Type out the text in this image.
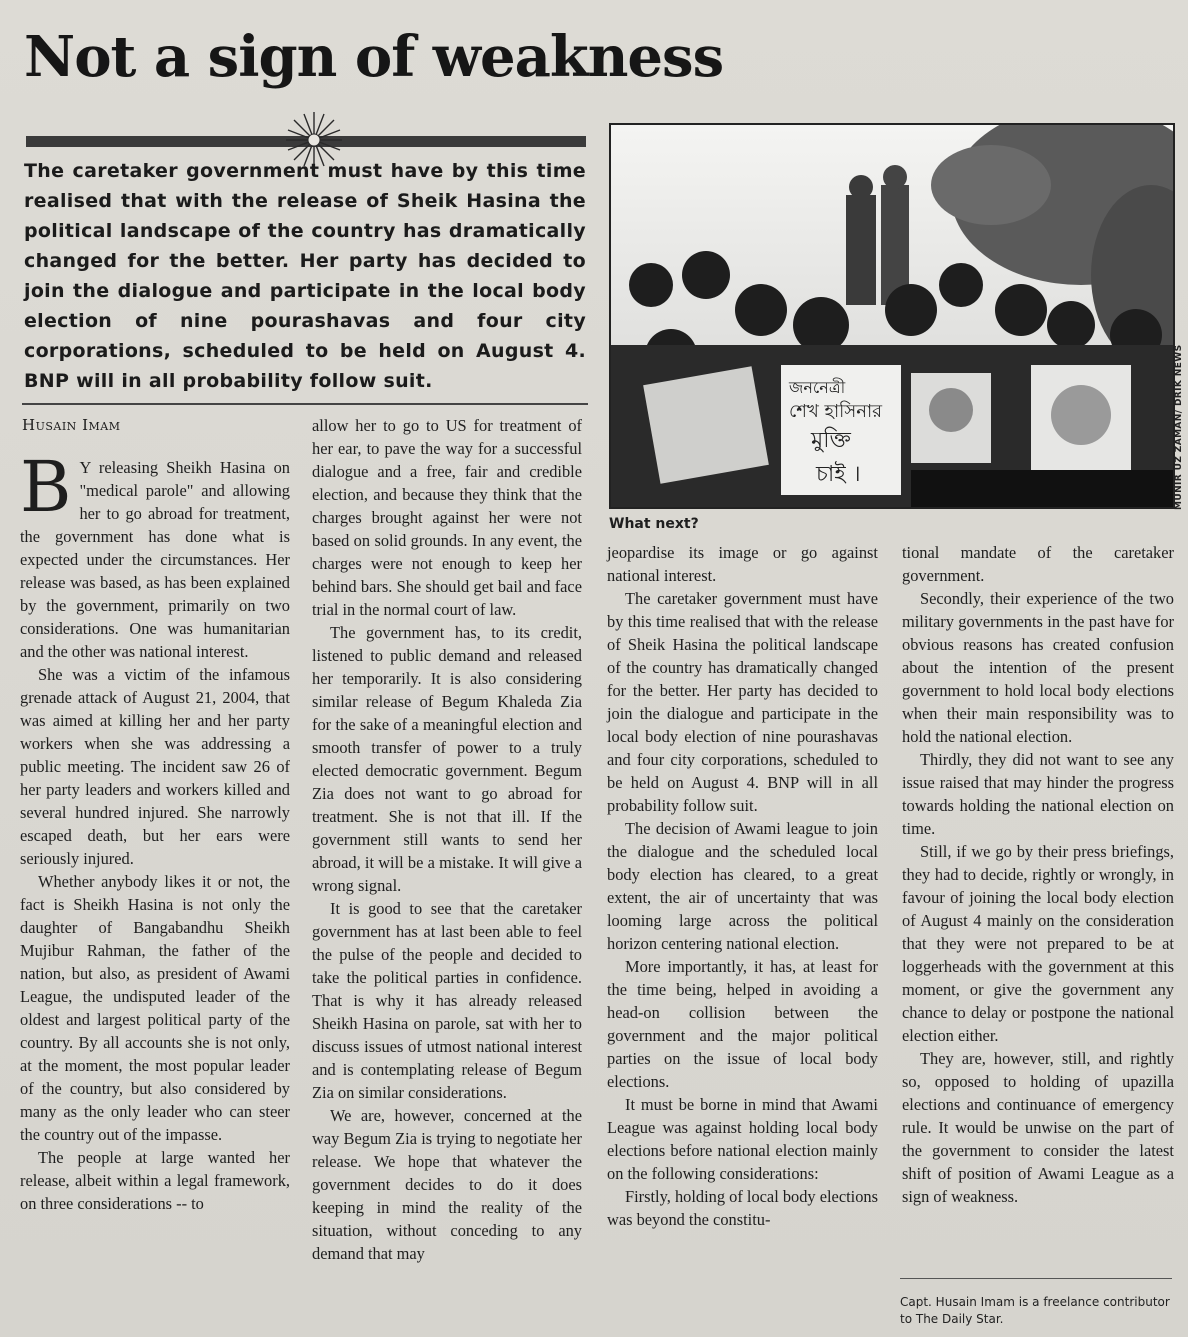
Not a sign of weakness

The caretaker government must have by this time realised that with the release of Sheik Hasina the political landscape of the country has dramatically changed for the better. Her party has decided to join the dialogue and participate in the local body election of nine pourashavas and four city corporations, scheduled to be held on August 4. BNP will in all probability follow suit.

Husain Imam

B Y releasing Sheikh Hasina on "medical parole" and allowing her to go abroad for treatment, the government has done what is expected under the circumstances. Her release was based, as has been explained by the government, primarily on two considerations. One was humanitarian and the other was national interest.

She was a victim of the infamous grenade attack of August 21, 2004, that was aimed at killing her and her party workers when she was addressing a public meeting. The incident saw 26 of her party leaders and workers killed and several hundred injured. She narrowly escaped death, but her ears were seriously injured.

Whether anybody likes it or not, the fact is Sheikh Hasina is not only the daughter of Bangabandhu Sheikh Mujibur Rahman, the father of the nation, but also, as president of Awami League, the undisputed leader of the oldest and largest political party of the country. By all accounts she is not only, at the moment, the most popular leader of the country, but also considered by many as the only leader who can steer the country out of the impasse.

The people at large wanted her release, albeit within a legal framework, on three considerations -- to

allow her to go to US for treatment of her ear, to pave the way for a successful dialogue and a free, fair and credible election, and because they think that the charges brought against her were not based on solid grounds. In any event, the charges were not enough to keep her behind bars. She should get bail and face trial in the normal court of law.

The government has, to its credit, listened to public demand and released her temporarily. It is also considering similar release of Begum Khaleda Zia for the sake of a meaningful election and smooth transfer of power to a truly elected democratic government. Begum Zia does not want to go abroad for treatment. She is not that ill. If the government still wants to send her abroad, it will be a mistake. It will give a wrong signal.

It is good to see that the caretaker government has at last been able to feel the pulse of the people and decided to take the political parties in confidence. That is why it has already released Sheikh Hasina on parole, sat with her to discuss issues of utmost national interest and is contemplating release of Begum Zia on similar considerations.

We are, however, concerned at the way Begum Zia is trying to negotiate her release. We hope that whatever the government decides to do it does keeping in mind the reality of the situation, without conceding to any demand that may

জননেত্রী
শেখ হাসিনার
মুক্তি
চাই ।	MUNIR UZ ZAMAN/ DRIK NEWS
What next?

jeopardise its image or go against national interest.

The caretaker government must have by this time realised that with the release of Sheik Hasina the political landscape of the country has dramatically changed for the better. Her party has decided to join the dialogue and participate in the local body election of nine pourashavas and four city corporations, scheduled to be held on August 4. BNP will in all probability follow suit.

The decision of Awami league to join the dialogue and the scheduled local body election has cleared, to a great extent, the air of uncertainty that was looming large across the political horizon centering national election.

More importantly, it has, at least for the time being, helped in avoiding a head-on collision between the government and the major political parties on the issue of local body elections.

It must be borne in mind that Awami League was against holding local body elections before national election mainly on the following considerations:

Firstly, holding of local body elections was beyond the constitu-

tional mandate of the caretaker government.

Secondly, their experience of the two military governments in the past have for obvious reasons has created confusion about the intention of the present government to hold local body elections when their main responsibility was to hold the national election.

Thirdly, they did not want to see any issue raised that may hinder the progress towards holding the national election on time.

Still, if we go by their press briefings, they had to decide, rightly or wrongly, in favour of joining the local body election of August 4 mainly on the consideration that they were not prepared to be at loggerheads with the government at this moment, or give the government any chance to delay or postpone the national election either.

They are, however, still, and rightly so, opposed to holding of upazilla elections and continuance of emergency rule. It would be unwise on the part of the government to consider the latest shift of position of Awami League as a sign of weakness.

Capt. Husain Imam is a freelance contributor to The Daily Star.
